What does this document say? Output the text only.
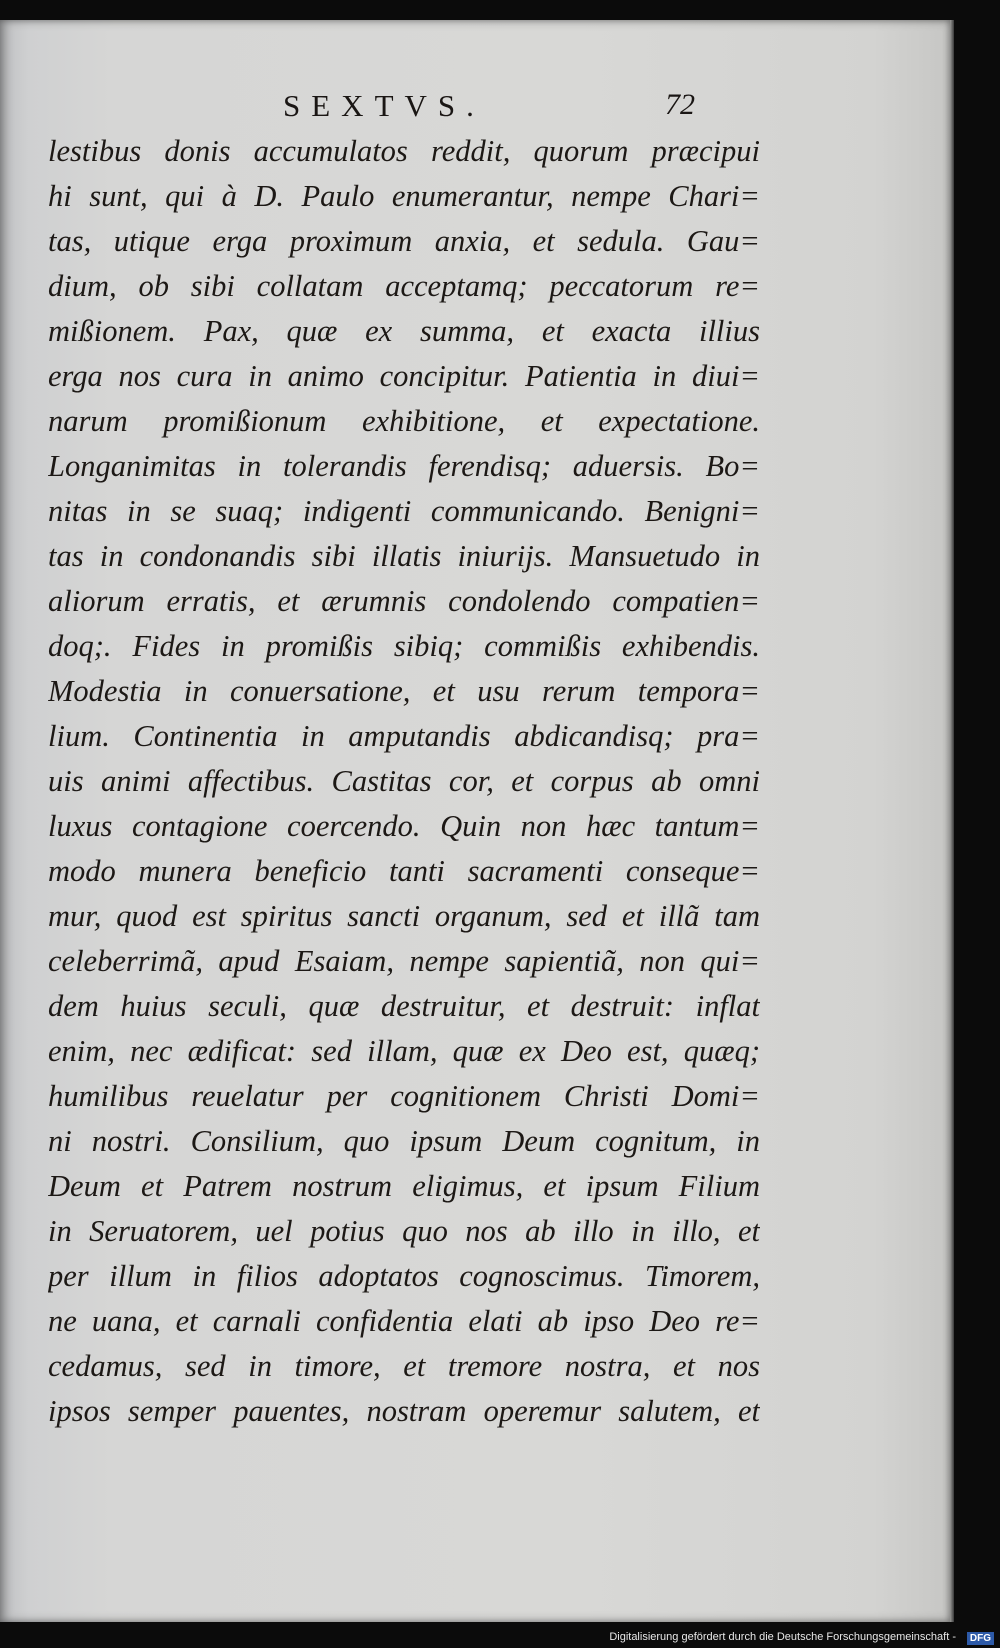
SEXTVS.	72
lestibus donis accumulatos reddit, quorum præcipui
hi sunt, qui à D. Paulo enumerantur, nempe Chari=
tas, utique erga proximum anxia, et sedula. Gau=
dium, ob sibi collatam acceptamq; peccatorum re=
mißionem. Pax, quæ ex summa, et exacta illius
erga nos cura in animo concipitur. Patientia in diui=
narum promißionum exhibitione, et expectatione.
Longanimitas in tolerandis ferendisq; aduersis. Bo=
nitas in se suaq; indigenti communicando. Benigni=
tas in condonandis sibi illatis iniurijs. Mansuetudo in
aliorum erratis, et ærumnis condolendo compatien=
doq;. Fides in promißis sibiq; commißis exhibendis.
Modestia in conuersatione, et usu rerum tempora=
lium. Continentia in amputandis abdicandisq; pra=
uis animi affectibus. Castitas cor, et corpus ab omni
luxus contagione coercendo. Quin non hæc tantum=
modo munera beneficio tanti sacramenti conseque=
mur, quod est spiritus sancti organum, sed et illã tam
celeberrimã, apud Esaiam, nempe sapientiã, non qui=
dem huius seculi, quæ destruitur, et destruit: inflat
enim, nec ædificat: sed illam, quæ ex Deo est, quæq;
humilibus reuelatur per cognitionem Christi Domi=
ni nostri. Consilium, quo ipsum Deum cognitum, in
Deum et Patrem nostrum eligimus, et ipsum Filium
in Seruatorem, uel potius quo nos ab illo in illo, et
per illum in filios adoptatos cognoscimus. Timorem,
ne uana, et carnali confidentia elati ab ipso Deo re=
cedamus, sed in timore, et tremore nostra, et nos
ipsos semper pauentes, nostram operemur salutem, et
Digitalisierung gefördert durch die Deutsche Forschungsgemeinschaft -	DFG
